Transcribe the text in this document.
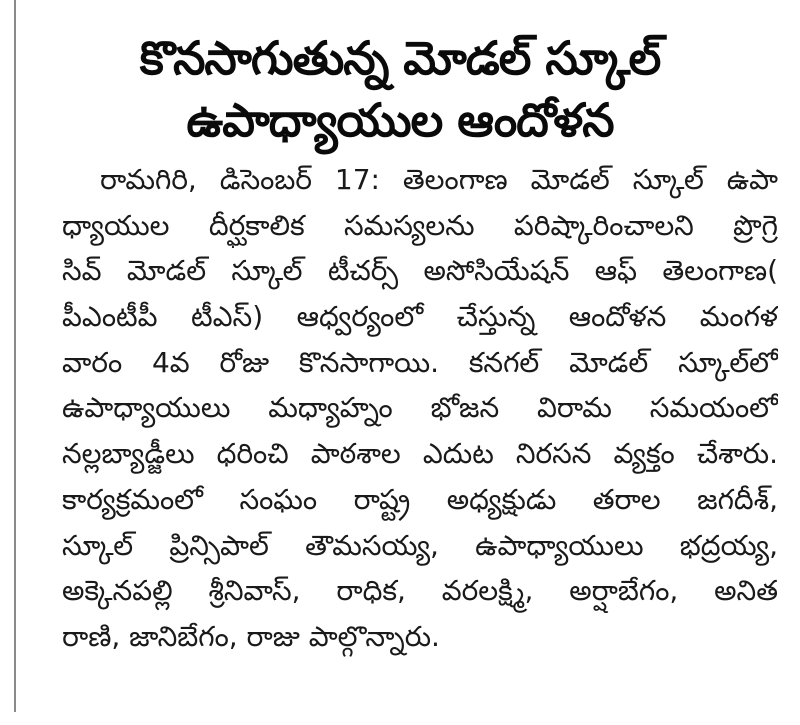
కొనసాగుతున్న మోడల్ స్కూల్
ఉపాధ్యాయుల ఆందోళన
రామగిరి, డిసెంబర్ 17: తెలంగాణ మోడల్ స్కూల్ ఉపా
ధ్యాయుల దీర్ఘకాలిక సమస్యలను పరిష్కారించాలని ప్రొగ్రె
సివ్ మోడల్ స్కూల్ టీచర్స్ అసోసియేషన్ ఆఫ్ తెలంగాణ(
పీఎంటీపీ టీఎస్) ఆధ్వర్యంలో చేస్తున్న ఆందోళన మంగళ
వారం 4వ రోజు కొనసాగాయి. కనగల్ మోడల్ స్కూల్‌లో
ఉపాధ్యాయులు మధ్యాహ్నం భోజన విరామ సమయంలో
నల్లబ్యాడ్జీలు ధరించి పాఠశాల ఎదుట నిరసన వ్యక్తం చేశారు.
కార్యక్రమంలో సంఘం రాష్ట్ర అధ్యక్షుడు తరాల జగదీశ్,
స్కూల్ ప్రిన్సిపాల్ తౌమసయ్య, ఉపాధ్యాయులు భద్రయ్య,
అక్కెనపల్లి శ్రీనివాస్, రాధిక, వరలక్ష్మి, అర్షాబేగం, అనిత
రాణి, జానిబేగం, రాజు పాల్గొన్నారు.
